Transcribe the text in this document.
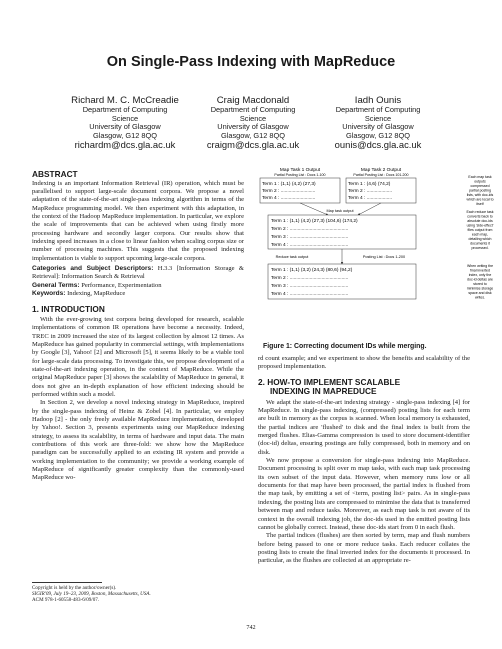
On Single-Pass Indexing with MapReduce
Richard M. C. McCreadie
Department of Computing
Science
University of Glasgow
Glasgow, G12 8QQ
richardm@dcs.gla.ac.uk
Craig Macdonald
Department of Computing
Science
University of Glasgow
Glasgow, G12 8QQ
craigm@dcs.gla.ac.uk
Iadh Ounis
Department of Computing
Science
University of Glasgow
Glasgow, G12 8QQ
ounis@dcs.gla.ac.uk
ABSTRACT

Indexing is an important Information Retrieval (IR) operation, which must be parallelised to support large-scale document corpora. We propose a novel adaptation of the state-of-the-art single-pass indexing algorithm in terms of the MapReduce programming model. We then experiment with this adaptation, in the context of the Hadoop MapReduce implementation. In particular, we explore the scale of improvements that can be achieved when using firstly more processing hardware and secondly larger corpora. Our results show that indexing speed increases in a close to linear fashion when scaling corpus size or number of processing machines. This suggests that the proposed indexing implementation is viable to support upcoming large-scale corpora.

Categories and Subject Descriptors: H.3.3 [Information Storage & Retrieval]: Information Search & Retrieval

General Terms: Performance, Experimentation

Keywords: Indexing, MapReduce

1. INTRODUCTION

With the ever-growing test corpora being developed for research, scalable implementations of common IR operations have become a necessity. Indeed, TREC in 2009 increased the size of its largest collection by almost 12 times. As MapReduce has gained popularity in commercial settings, with implementations by Google [3], Yahoo! [2] and Microsoft [5], it seems likely to be a viable tool for large-scale data processing. To investigate this, we propose development of a state-of-the-art indexing operation, in the context of MapReduce. While the original MapReduce paper [3] shows the scalability of MapReduce in general, it does not give an in-depth explanation of how efficient indexing should be performed within such a model.

In Section 2, we develop a novel indexing strategy in MapReduce, inspired by the single-pass indexing of Heinz & Zobel [4]. In particular, we employ Hadoop [2] - the only freely available MapReduce implementation, developed by Yahoo!. Section 3, presents experiments using our MapReduce indexing strategy, to assess its scalability, in terms of hardware and input data. The main contributions of this work are three-fold: we show how the MapReduce paradigm can be successfully applied to an existing IR system and provide a working implementation to the community; we provide a working example of MapReduce of significantly greater complexity than the commonly-used MapReduce wo-

Copyright is held by the author/owner(s).
SIGIR'09, July 19–23, 2009, Boston, Massachusetts, USA.
ACM 978-1-60558-483-6/09/07.
Map Task 1 Output
Partial Posting List : Docs 1-100
Term 1 : (1,1) (4,2) (27,3)
Term 2 : ..........................
Term 4 : ..........................
Map Task 2 Output
Partial Posting List : Docs 101-200
Term 1 : (4,6) (74,2)
Term 2 : ...................
Term 4 : ...................
Map task output
Term 1 : (1,1) (4,2) (27,3) (104,6) (174,2)
Term 2 : ............................................
Term 3 : ............................................
Term 4 : ............................................
Reduce task output	Posting List : Docs 1-200
Term 1 : (1,1) (3,2) (24,3) (80,6) (94,2)
Term 2 : ............................................
Term 3 : ............................................
Term 4 : ............................................
Each map task
outputs
compressed
partial posting
lists, with doc-ids
which are local to
itself
Each reduce task
converts back to
absolute doc-ids
using 'side-effect'
files output from
each map,
detailing which
documents it
processed.
When writing the
final inverted
index, only the
doc-id deltas are
stored to
minimise storage
space and disk
writes.
Figure 1: Correcting document IDs while merging.

rd count example; and we experiment to show the benefits and scalability of the proposed implementation.

2. HOW-TO IMPLEMENT SCALABLE
INDEXING IN MAPREDUCE

We adapt the state-of-the-art indexing strategy - single-pass indexing [4] for MapReduce. In single-pass indexing, (compressed) posting lists for each term are built in memory as the corpus is scanned. When local memory is exhausted, the partial indices are 'flushed' to disk and the final index is built from the merged flushes. Elias-Gamma compression is used to store document-identifier (doc-id) deltas, ensuring postings are fully compressed, both in memory and on disk.

We now propose a conversion for single-pass indexing into MapReduce. Document processing is split over m map tasks, with each map task processing its own subset of the input data. However, when memory runs low or all documents for that map have been processed, the partial index is flushed from the map task, by emitting a set of <term, posting list> pairs. As in single-pass indexing, the posting lists are compressed to minimise the data that is transferred between map and reduce tasks. Moreover, as each map task is not aware of its context in the overall indexing job, the doc-ids used in the emitted posting lists cannot be globally correct. Instead, these doc-ids start from 0 in each flush.

The partial indices (flushes) are then sorted by term, map and flush numbers before being passed to one or more reduce tasks. Each reducer collates the posting lists to create the final inverted index for the documents it processed. In particular, as the flushes are collected at an appropriate re-

742
